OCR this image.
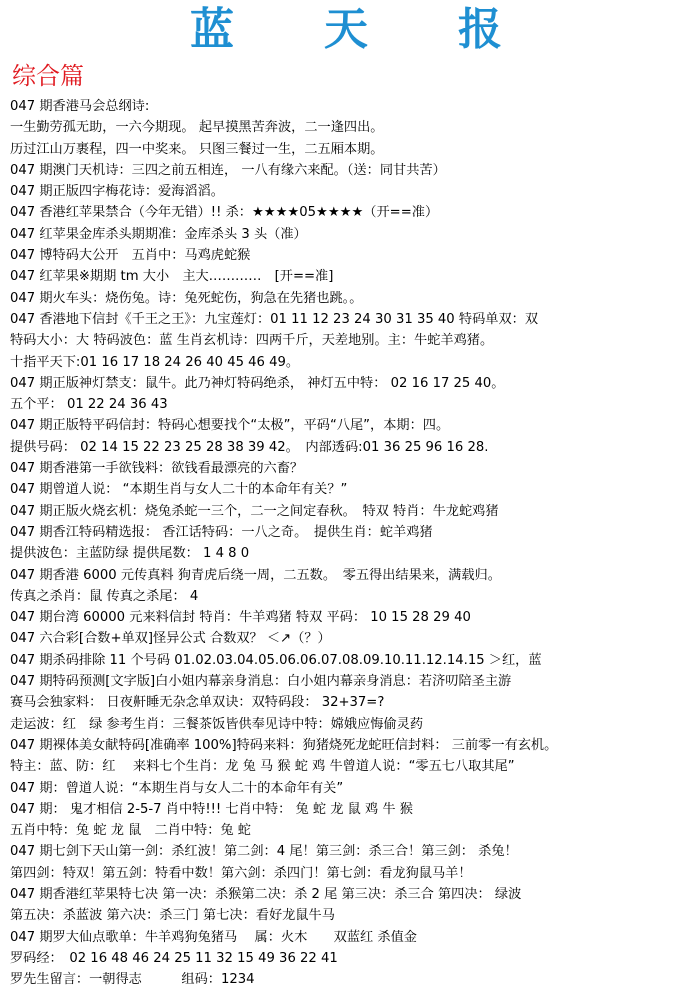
蓝 天 报
综合篇
047 期香港马会总纲诗:
一生勤劳孤无助，一六今期现。 起早摸黑苦奔波，二一逢四出。
历过江山万裹程，四一中奖来。 只图三餐过一生，二五厢本期。
047 期澳门天机诗：三四之前五相连， 一八有缘六来配。（送：同甘共苦）
047 期正版四字梅花诗：爱海滔滔。
047 香港红苹果禁合（今年无错）!! 杀：★★★★05★★★★（开==准）
047 红苹果金库杀头期期准：金库杀头 3 头（准）
047 博特码大公开　五肖中：马鸡虎蛇猴
047 红苹果※期期 tm 大小　主大…………　[开==准]
047 期火车头：烧伤兔。诗：兔死蛇伤，狗急在先猪也跳。。
047 香港地下信封《千王之王》：九宝莲灯：01 11 12 23 24 30 31 35 40 特码单双：双
特码大小：大 特码波色：蓝 生肖玄机诗：四两千斤，天差地别。主：牛蛇羊鸡猪。
十指平天下:01 16 17 18 24 26 40 45 46 49。
047 期正版神灯禁支：鼠牛。此乃神灯特码绝杀， 神灯五中特： 02 16 17 25 40。
五个平： 01 22 24 36 43
047 期正版特平码信封：特码心想要找个“太极”，平码“八尾”，本期：四。
提供号码： 02 14 15 22 23 25 28 38 39 42。　内部透码:01 36 25 96 16 28.
047 期香港第一手欲钱料：欲钱看最漂亮的六畜？
047 期曾道人说： “本期生肖与女人二十的本命年有关？”
047 期正版火烧玄机：烧兔杀蛇一三个，二一之间定春秋。　特双 特肖：牛龙蛇鸡猪
047 期香江特码精选报： 香江话特码：一八之奇。　提供生肖：蛇羊鸡猪
提供波色：主蓝防绿 提供尾数： 1 4 8 0
047 期香港 6000 元传真料 狗青虎后绕一周，二五数。　零五得出结果来，满载归。
传真之杀肖：鼠 传真之杀尾： 4
047 期台湾 60000 元来料信封 特肖：牛羊鸡猪 特双 平码： 10 15 28 29 40
047 六合彩[合数+单双]怪异公式 合数双？ ＜↗（？）
047 期杀码排除 11 个号码 01.02.03.04.05.06.06.07.08.09.10.11.12.14.15 ＞红，蓝
047 期特码预测[文字版]白小姐内幕亲身消息：白小姐内幕亲身消息：若济叨陪圣主游
赛马会独家料： 日夜鼾睡无杂念单双诀：双特码段： 32+37=?
走运波：红　绿 参考生肖：三餐茶饭皆供奉见诗中特：嫦娥应悔偷灵药
047 期裸体美女献特码[准确率 100%]特码来料：狗猪烧死龙蛇旺信封料： 三前零一有玄机。
特主：蓝、防：红　 来料七个生肖：龙 兔 马 猴 蛇 鸡 牛曾道人说：“零五七八取其尾”
047 期：曾道人说：“本期生肖与女人二十的本命年有关”
047 期： 鬼才相信 2-5-7 肖中特!!! 七肖中特： 兔 蛇 龙 鼠 鸡 牛 猴
五肖中特：兔 蛇 龙 鼠　二肖中特：兔 蛇
047 期七剑下天山第一剑：杀红波！第二剑：4 尾！第三剑：杀三合！第三剑： 杀兔！
第四剑：特双！第五剑：特看中数！第六剑：杀四门！第七剑：看龙狗鼠马羊！
047 期香港红苹果特七决 第一决：杀猴第二决：杀 2 尾 第三决：杀三合 第四决： 绿波
第五决：杀蓝波 第六决：杀三门 第七决：看好龙鼠牛马
047 期罗大仙点歌单：牛羊鸡狗兔猪马　 属：火木　　双蓝红 杀值金
罗码经：　02 16 48 46 24 25 11 32 15 49 36 22 41
罗先生留言：一朝得志　　　组码：1234
